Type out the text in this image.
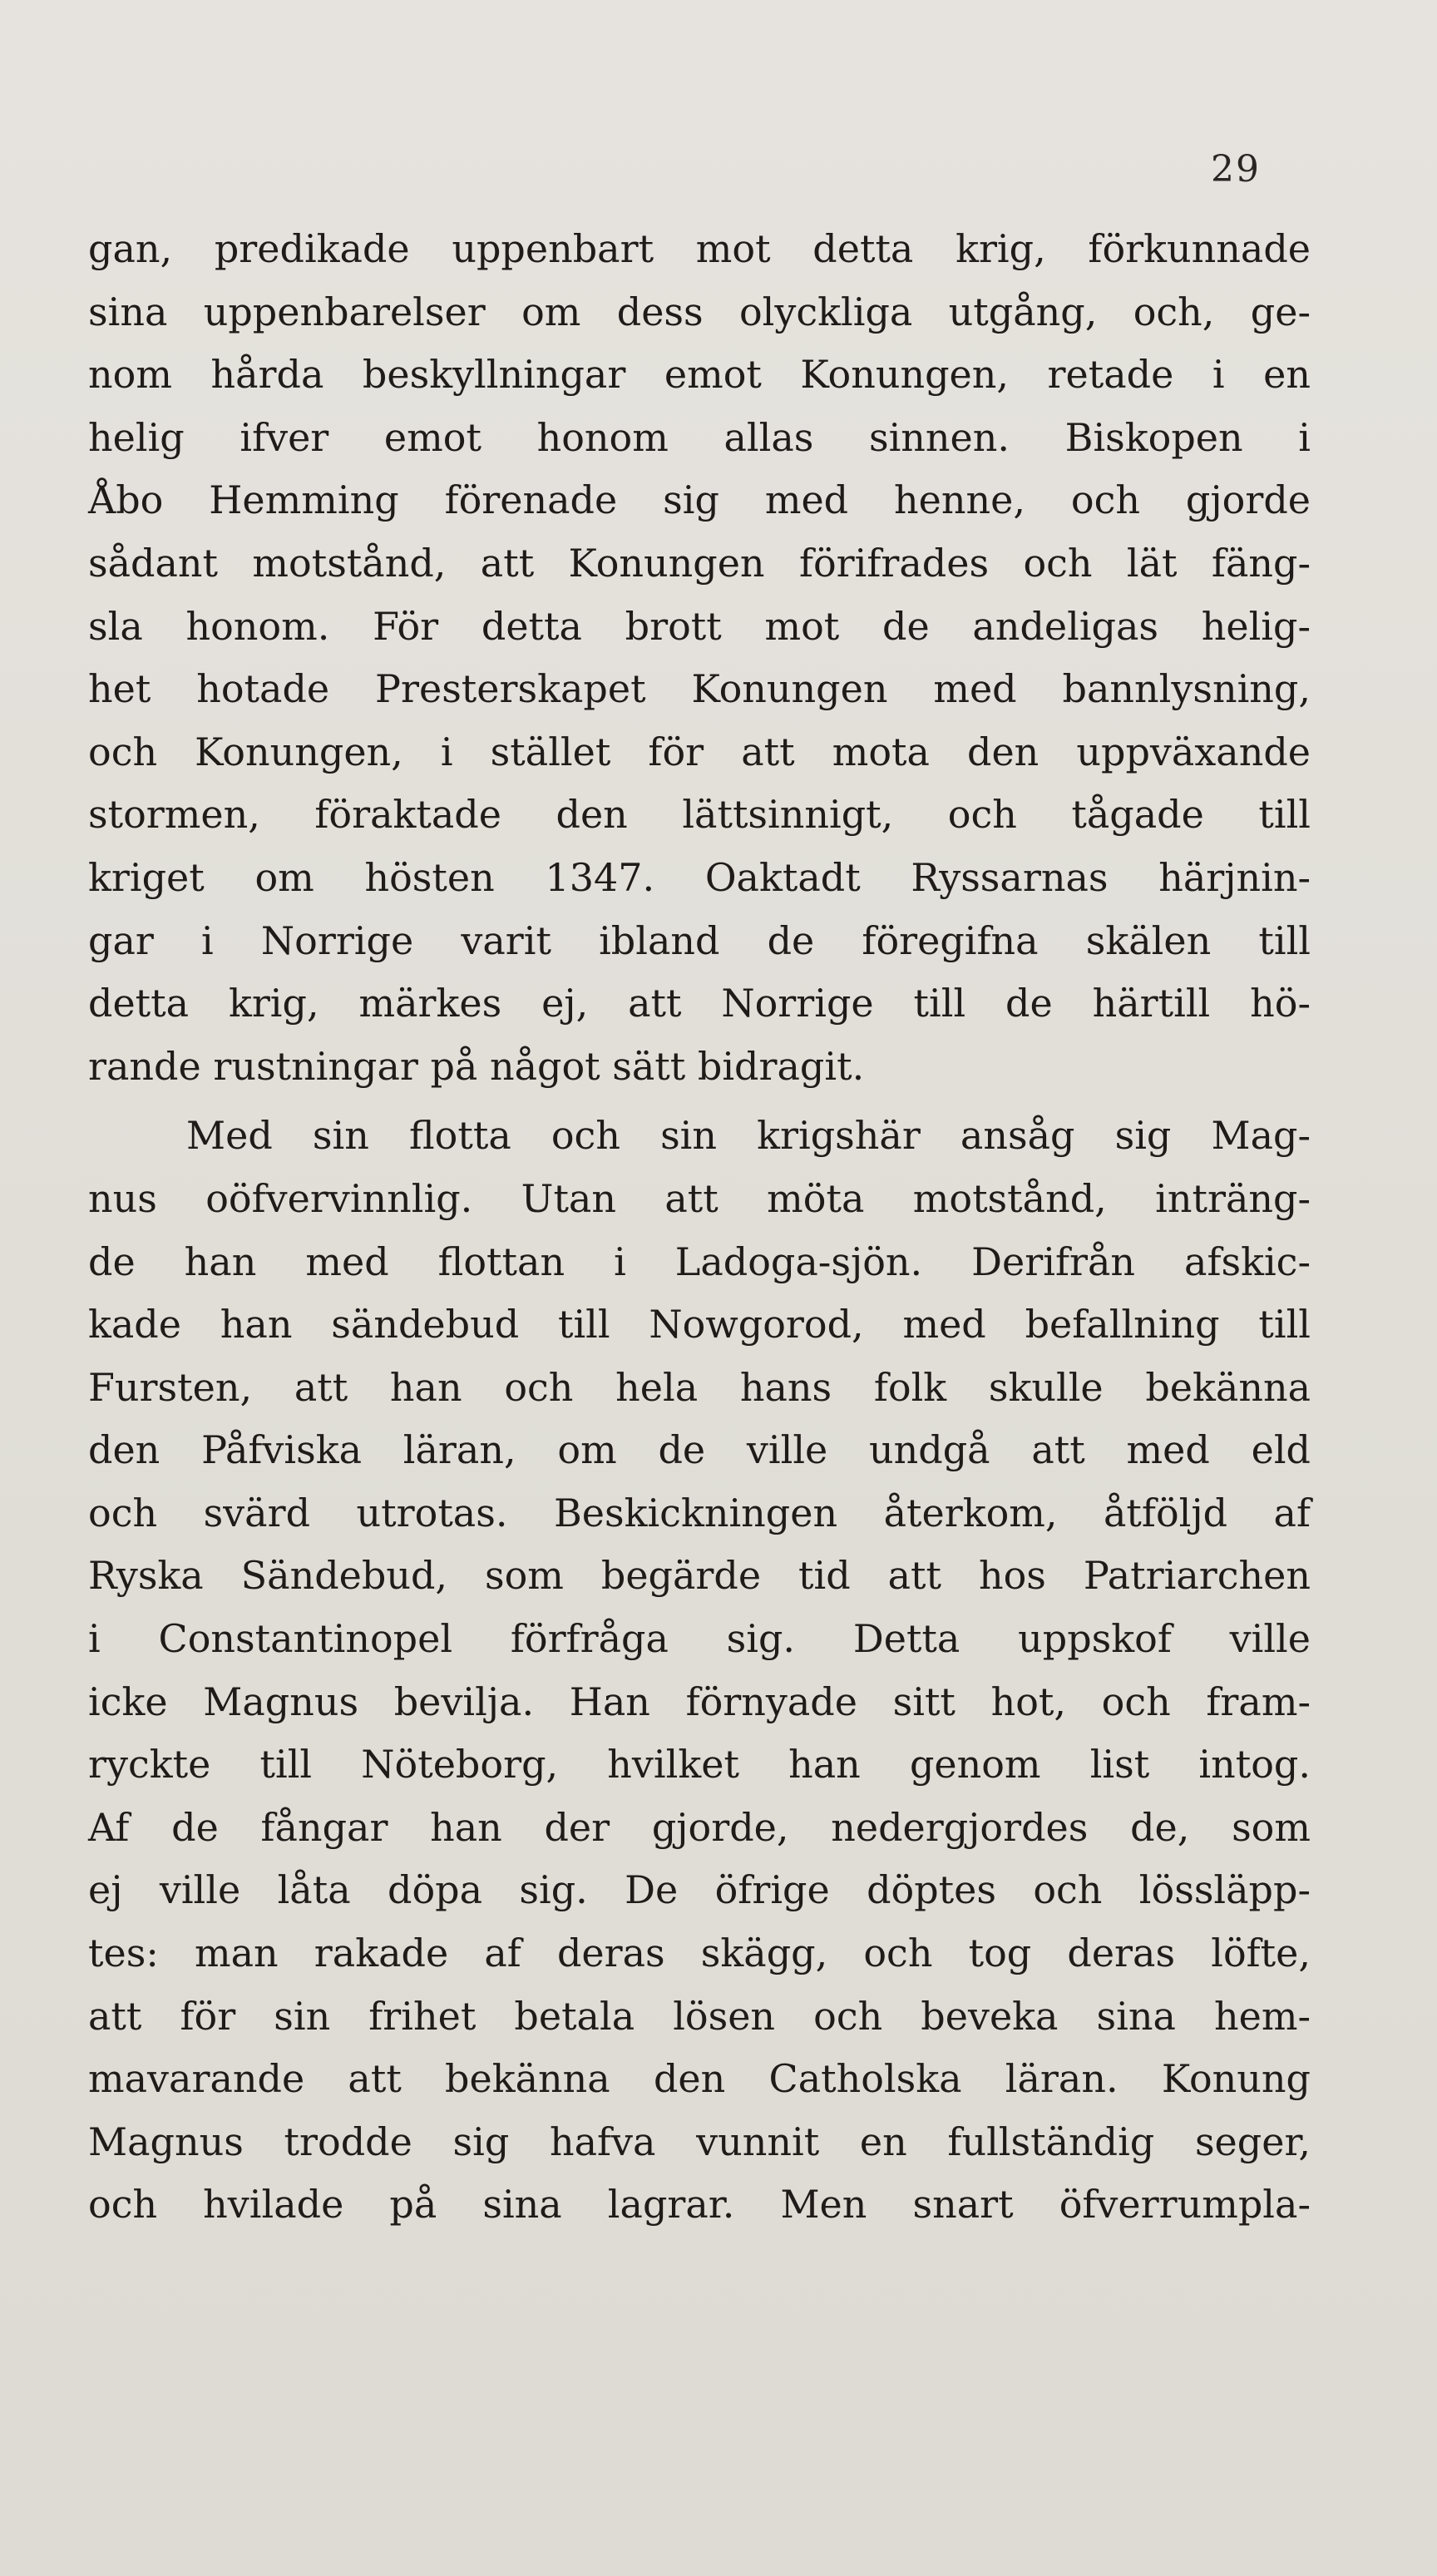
29
gan, predikade uppenbart mot detta krig, förkunnade
sina uppenbarelser om dess olyckliga utgång, och, ge-
nom hårda beskyllningar emot Konungen, retade i en
helig ifver emot honom allas sinnen. Biskopen i
Åbo Hemming förenade sig med henne, och gjorde
sådant motstånd, att Konungen förifrades och lät fäng-
sla honom. För detta brott mot de andeligas helig-
het hotade Presterskapet Konungen med bannlysning,
och Konungen, i stället för att mota den uppväxande
stormen, föraktade den lättsinnigt, och tågade till
kriget om hösten 1347. Oaktadt Ryssarnas härjnin-
gar i Norrige varit ibland de föregifna skälen till
detta krig, märkes ej, att Norrige till de härtill hö-
rande rustningar på något sätt bidragit.
Med sin flotta och sin krigshär ansåg sig Mag-
nus oöfvervinnlig. Utan att möta motstånd, inträng-
de han med flottan i Ladoga-sjön. Derifrån afskic-
kade han sändebud till Nowgorod, med befallning till
Fursten, att han och hela hans folk skulle bekänna
den Påfviska läran, om de ville undgå att med eld
och svärd utrotas. Beskickningen återkom, åtföljd af
Ryska Sändebud, som begärde tid att hos Patriarchen
i Constantinopel förfråga sig. Detta uppskof ville
icke Magnus bevilja. Han förnyade sitt hot, och fram-
ryckte till Nöteborg, hvilket han genom list intog.
Af de fångar han der gjorde, nedergjordes de, som
ej ville låta döpa sig. De öfrige döptes och lössläpp-
tes: man rakade af deras skägg, och tog deras löfte,
att för sin frihet betala lösen och beveka sina hem-
mavarande att bekänna den Catholska läran. Konung
Magnus trodde sig hafva vunnit en fullständig seger,
och hvilade på sina lagrar. Men snart öfverrumpla-
